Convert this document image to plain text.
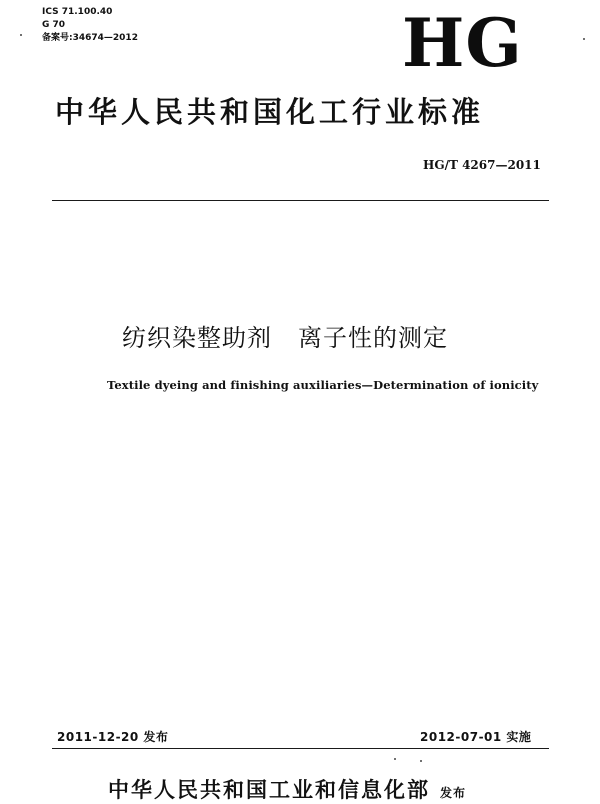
ICS 71.100.40
G 70
备案号:34674—2012	HG
中华人民共和国化工行业标准
HG/T 4267—2011
纺织染整助剂 离子性的测定
Textile dyeing and finishing auxiliaries—Determination of ionicity
2011-12-20 发布	2012-07-01 实施
中华人民共和国工业和信息化部 发布
